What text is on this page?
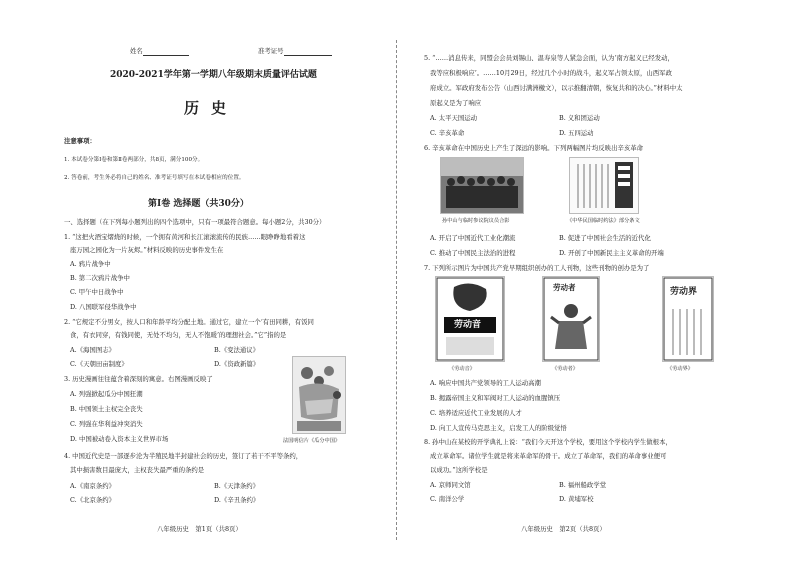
姓名	准考证号
2020-2021学年第一学期八年级期末质量评估试题
历史
注意事项：
1. 本试卷分第Ⅰ卷和第Ⅱ卷两部分，共8页，满分100分。
2. 答卷前，考生务必将自己的姓名、准考证号填写在本试卷相应的位置。
第Ⅰ卷 选择题（共30分）
一、选择题（在下列每小题列出的四个选项中，只有一项最符合题意。每小题2分，共30分）
1. “这把火酒宝熠烧的时候，一个拥有黄河和长江滚滚流传的民族……眼睁睁地看着这
座万园之园化为一片灰烬。”材料反映的历史事件发生在
A. 鸦片战争中
B. 第二次鸦片战争中
C. 甲午中日战争中
D. 八国联军侵华战争中
2. “它规定不分男女，按人口和年龄平均分配土地。通过它，建立一个‘有田同耕，有饭同
食，有衣同穿，有钱同使，无处不均匀，无人不饱暖’的理想社会。”它”指的是
A.《海国图志》	B.《变法通议》
C.《天朝田亩制度》	D.《资政新篇》
3. 历史漫画往往蕴含着深刻的寓意。右图漫画反映了
A. 列强掀起瓜分中国狂潮
B. 中国领土主权完全丧失
C. 列强在华利益冲突消失
D. 中国被动卷入资本主义世界市场	法国明信片《瓜分中国》
4. 中国近代史是一部逐步沦为半殖民地半封建社会的历史，签订了若干不平等条约，
其中损害数目最庞大，主权丧失最严重的条约是
A.《南京条约》	B.《天津条约》
C.《北京条约》	D.《辛丑条约》
八年级历史　第1页（共8页）
5. “……消息传来，同盟会会员刘锡山、温寿泉等人紧急会面，认为‘南方起义已经发动，
我等应积极响应’。……10月29日，经过几个小时的战斗，起义军占领太原，山西军政
府成立。军政府发布公告（山西讨满洲檄文），以示推翻清朝，恢复共和的决心。”材料中太
原起义是为了响应
A. 太平天国运动	B. 义和团运动
C. 辛亥革命	D. 五四运动
6. 辛亥革命在中国历史上产生了深远的影响。下列两幅图片均反映出辛亥革命
孙中山与临时参议院议员合影	《中华民国临时约法》部分条文
A. 开启了中国近代工业化潮流	B. 促进了中国社会生活的近代化
C. 推动了中国民主法治的进程	D. 开创了中国新民主主义革命的开端
7. 下列所示图片为中国共产党早期组织创办的工人刊物，这些刊物的创办是为了
劳动音
劳动者	劳动界
《劳动音》	《劳动者》	《劳动界》
A. 响应中国共产党领导的工人运动高潮
B. 揭露帝国主义和军阀对工人运动的血腥镇压
C. 培养适应近代工业发展的人才
D. 向工人宣传马克思主义，启发工人的阶级觉悟
8. 孙中山在某校的开学典礼上说：“我们今天开这个学校，要用这个学校内学生做根本，
成立革命军。诸位学生就是将来革命军的骨干。成立了革命军，我们的革命事业便可
以成功。”这所学校是
A. 京师同文馆	B. 福州船政学堂
C. 南洋公学	D. 黄埔军校
八年级历史　第2页（共8页）
